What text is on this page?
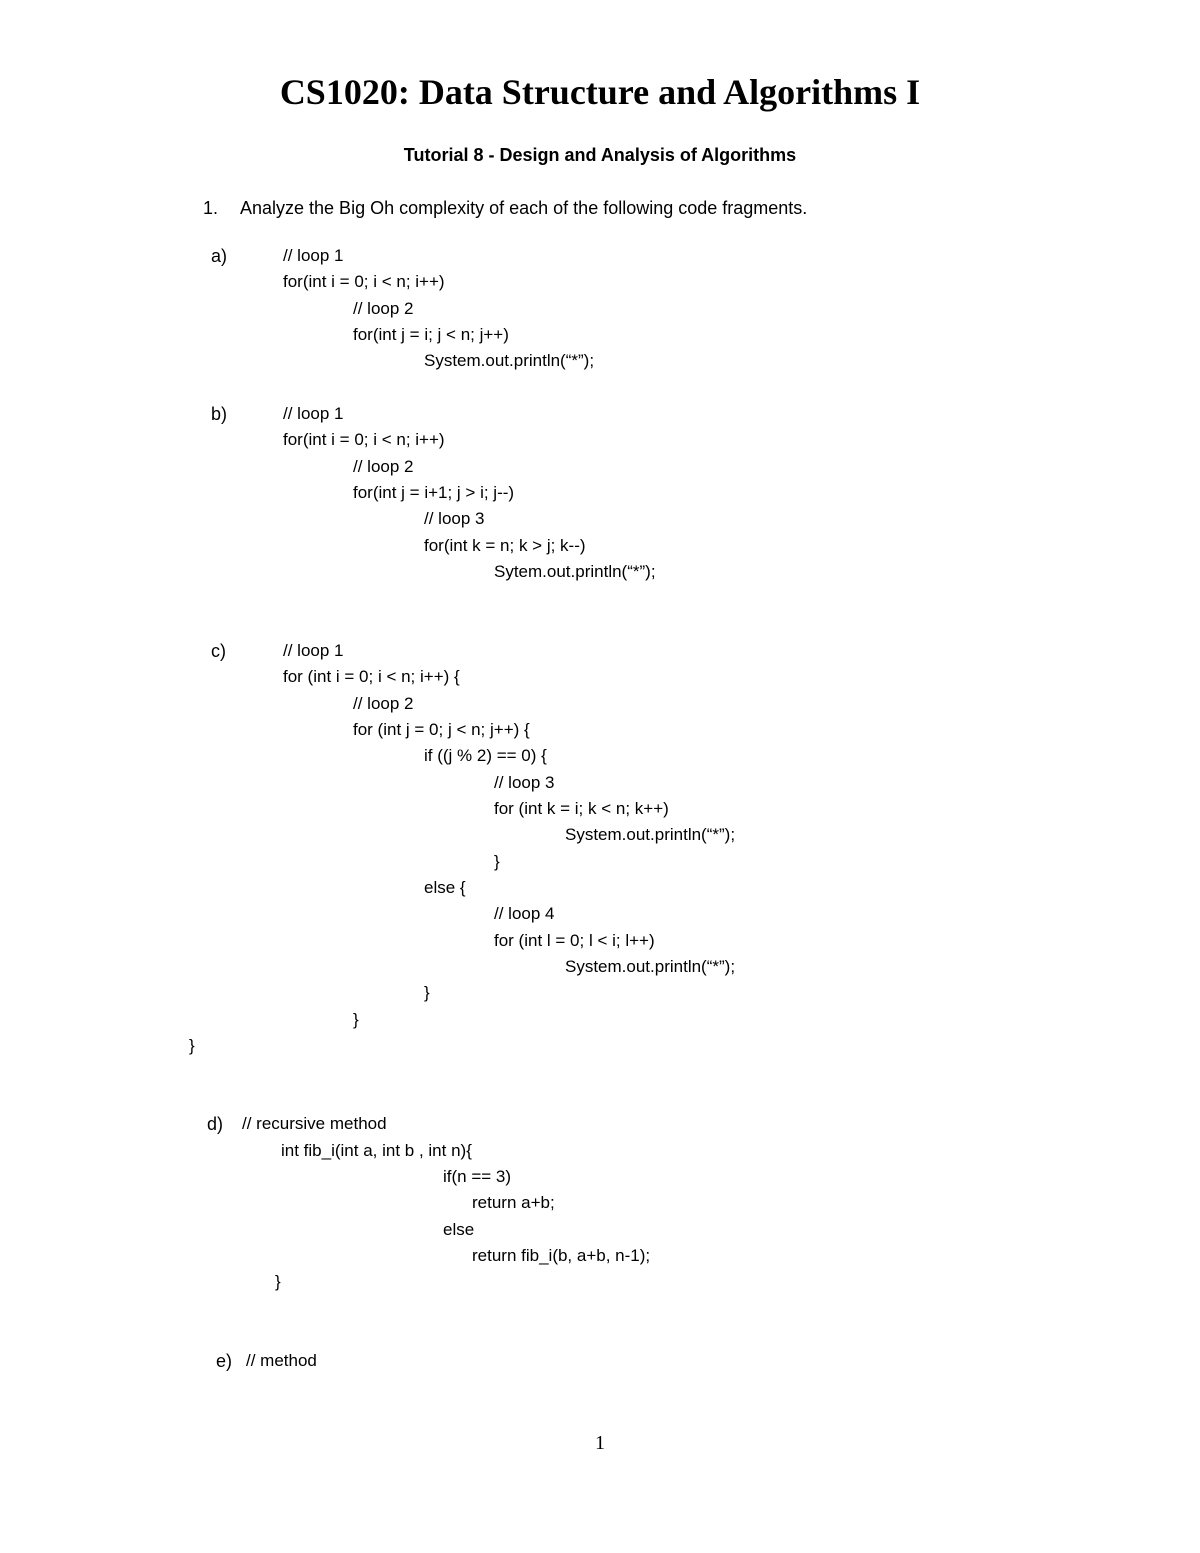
CS1020: Data Structure and Algorithms I
Tutorial 8 - Design and Analysis of Algorithms
1. Analyze the Big Oh complexity of each of the following code fragments.
a)	// loop 1
for(int i = 0; i < n; i++)
// loop 2
for(int j = i; j < n; j++)
System.out.println(“*”);
b)	// loop 1
for(int i = 0; i < n; i++)
// loop 2
for(int j = i+1; j > i; j--)
// loop 3
for(int k = n; k > j; k--)
Sytem.out.println(“*”);
c)	// loop 1
for (int i = 0; i < n; i++) {
// loop 2
for (int j = 0; j < n; j++) {
if ((j % 2) == 0) {
// loop 3
for (int k = i; k < n; k++)
System.out.println(“*”);
}
else {
// loop 4
for (int l = 0; l < i; l++)
System.out.println(“*”);
}
}
}
d) // recursive method
int fib_i(int a, int b , int n){
if(n == 3)
return a+b;
else
return fib_i(b, a+b, n-1);
}
e) // method
1
